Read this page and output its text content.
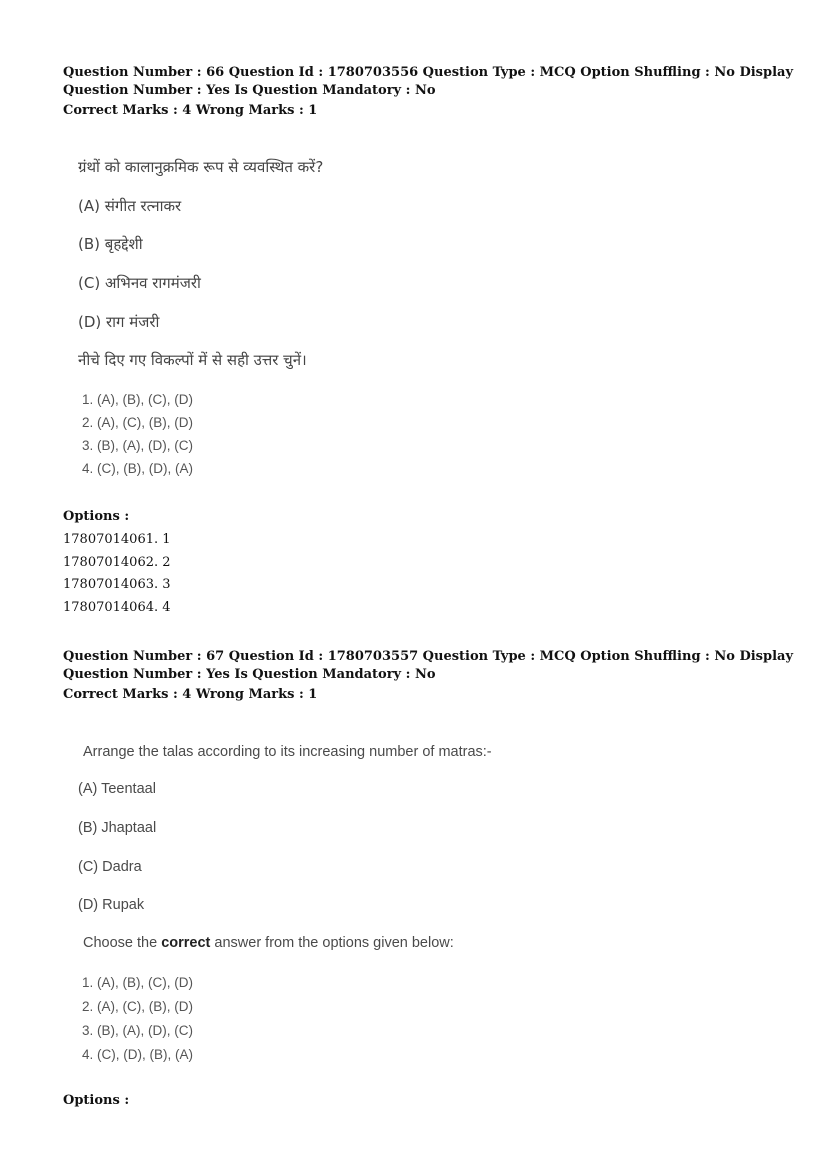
Question Number : 66 Question Id : 1780703556 Question Type : MCQ Option Shuffling : No Display
Question Number : Yes Is Question Mandatory : No
Correct Marks : 4 Wrong Marks : 1
ग्रंथों को कालानुक्रमिक रूप से व्यवस्थित करें?
(A) संगीत रत्नाकर
(B) बृहद्देशी
(C) अभिनव रागमंजरी
(D) राग मंजरी
नीचे दिए गए विकल्पों में से सही उत्तर चुनें।
1. (A), (B), (C), (D)
2. (A), (C), (B), (D)
3. (B), (A), (D), (C)
4. (C), (B), (D), (A)
Options :
17807014061. 1
17807014062. 2
17807014063. 3
17807014064. 4
Question Number : 67 Question Id : 1780703557 Question Type : MCQ Option Shuffling : No Display
Question Number : Yes Is Question Mandatory : No
Correct Marks : 4 Wrong Marks : 1
Arrange the talas according to its increasing number of matras:-
(A) Teentaal
(B) Jhaptaal
(C) Dadra
(D) Rupak
Choose the correct answer from the options given below:
1. (A), (B), (C), (D)
2. (A), (C), (B), (D)
3. (B), (A), (D), (C)
4. (C), (D), (B), (A)
Options :
